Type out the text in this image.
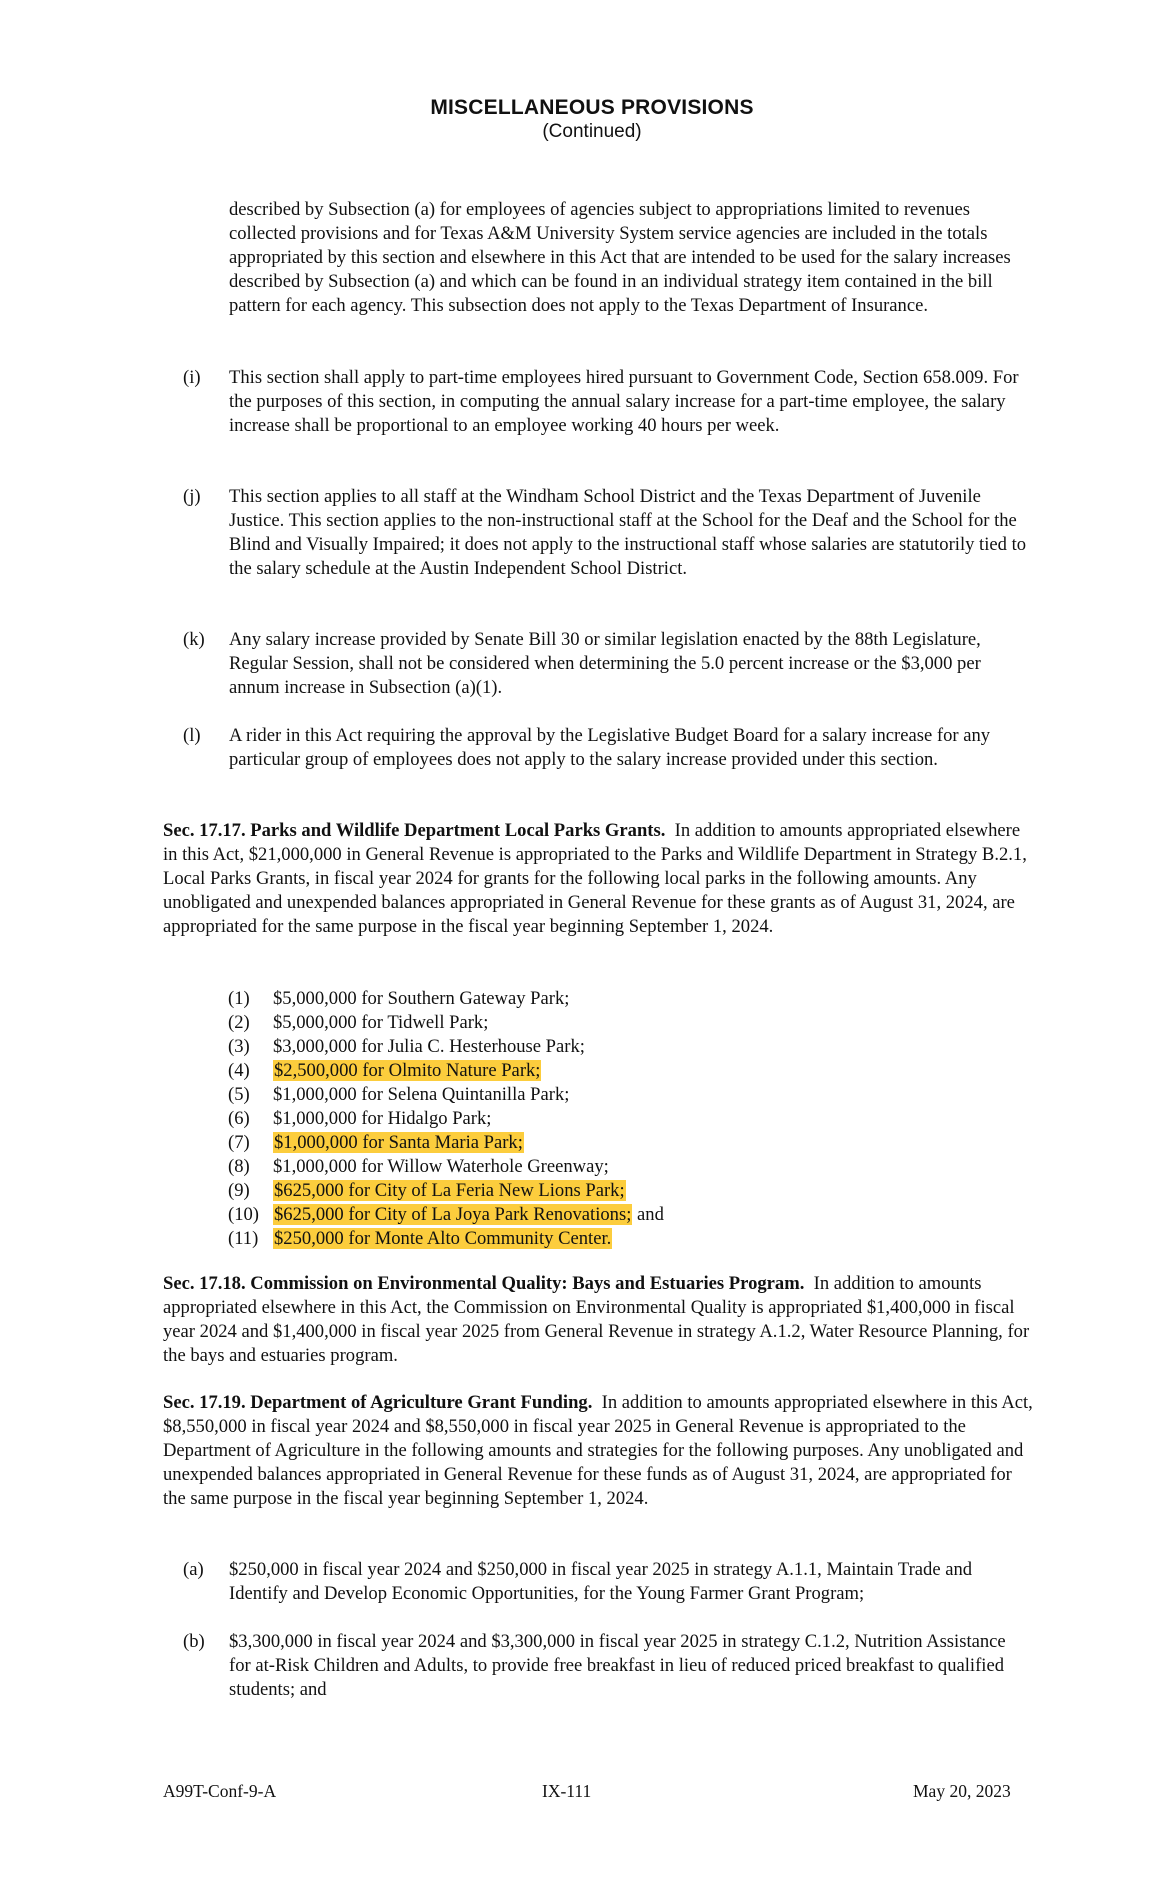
MISCELLANEOUS PROVISIONS
(Continued)
described by Subsection (a) for employees of agencies subject to appropriations limited to revenues collected provisions and for Texas A&M University System service agencies are included in the totals appropriated by this section and elsewhere in this Act that are intended to be used for the salary increases described by Subsection (a) and which can be found in an individual strategy item contained in the bill pattern for each agency. This subsection does not apply to the Texas Department of Insurance.
(i)	This section shall apply to part-time employees hired pursuant to Government Code, Section 658.009. For the purposes of this section, in computing the annual salary increase for a part-time employee, the salary increase shall be proportional to an employee working 40 hours per week.
(j)	This section applies to all staff at the Windham School District and the Texas Department of Juvenile Justice. This section applies to the non-instructional staff at the School for the Deaf and the School for the Blind and Visually Impaired; it does not apply to the instructional staff whose salaries are statutorily tied to the salary schedule at the Austin Independent School District.
(k)	Any salary increase provided by Senate Bill 30 or similar legislation enacted by the 88th Legislature, Regular Session, shall not be considered when determining the 5.0 percent increase or the $3,000 per annum increase in Subsection (a)(1).
(l)	A rider in this Act requiring the approval by the Legislative Budget Board for a salary increase for any particular group of employees does not apply to the salary increase provided under this section.
Sec. 17.17. Parks and Wildlife Department Local Parks Grants. In addition to amounts appropriated elsewhere in this Act, $21,000,000 in General Revenue is appropriated to the Parks and Wildlife Department in Strategy B.2.1, Local Parks Grants, in fiscal year 2024 for grants for the following local parks in the following amounts. Any unobligated and unexpended balances appropriated in General Revenue for these grants as of August 31, 2024, are appropriated for the same purpose in the fiscal year beginning September 1, 2024.
(1) $5,000,000 for Southern Gateway Park;
(2) $5,000,000 for Tidwell Park;
(3) $3,000,000 for Julia C. Hesterhouse Park;
(4) $2,500,000 for Olmito Nature Park;
(5) $1,000,000 for Selena Quintanilla Park;
(6) $1,000,000 for Hidalgo Park;
(7) $1,000,000 for Santa Maria Park;
(8) $1,000,000 for Willow Waterhole Greenway;
(9) $625,000 for City of La Feria New Lions Park;
(10) $625,000 for City of La Joya Park Renovations; and
(11) $250,000 for Monte Alto Community Center.
Sec. 17.18. Commission on Environmental Quality: Bays and Estuaries Program. In addition to amounts appropriated elsewhere in this Act, the Commission on Environmental Quality is appropriated $1,400,000 in fiscal year 2024 and $1,400,000 in fiscal year 2025 from General Revenue in strategy A.1.2, Water Resource Planning, for the bays and estuaries program.
Sec. 17.19. Department of Agriculture Grant Funding. In addition to amounts appropriated elsewhere in this Act, $8,550,000 in fiscal year 2024 and $8,550,000 in fiscal year 2025 in General Revenue is appropriated to the Department of Agriculture in the following amounts and strategies for the following purposes. Any unobligated and unexpended balances appropriated in General Revenue for these funds as of August 31, 2024, are appropriated for the same purpose in the fiscal year beginning September 1, 2024.
(a)	$250,000 in fiscal year 2024 and $250,000 in fiscal year 2025 in strategy A.1.1, Maintain Trade and Identify and Develop Economic Opportunities, for the Young Farmer Grant Program;
(b)	$3,300,000 in fiscal year 2024 and $3,300,000 in fiscal year 2025 in strategy C.1.2, Nutrition Assistance for at-Risk Children and Adults, to provide free breakfast in lieu of reduced priced breakfast to qualified students; and
A99T-Conf-9-A	IX-111	May 20, 2023
